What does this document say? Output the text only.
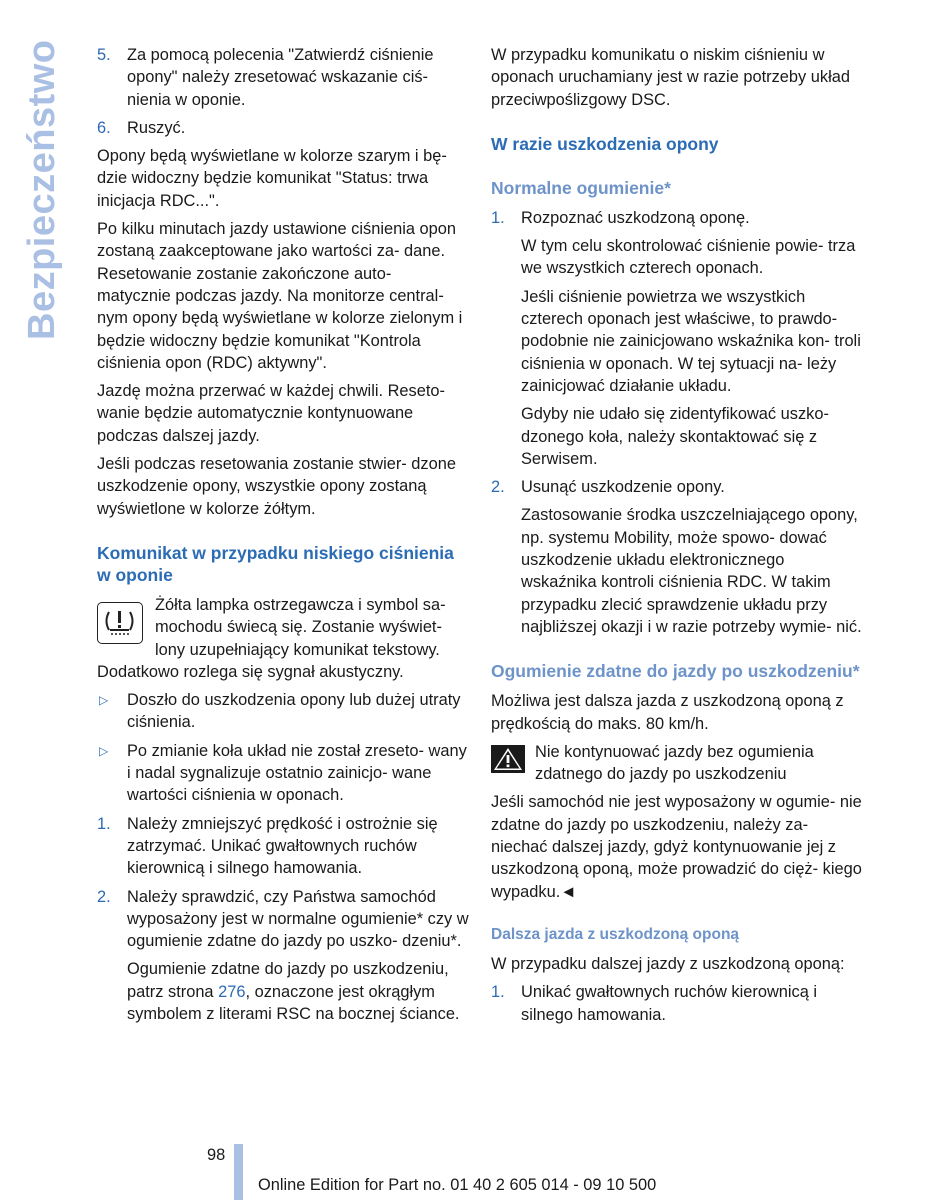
Bezpieczeństwo 5. Za pomocą polecenia "Zatwierdź ciśnienie opony" należy zresetować wskazanie ciś- nienia w oponie.
6. Ruszyć.

Opony będą wyświetlane w kolorze szarym i bę- dzie widoczny będzie komunikat "Status: trwa inicjacja RDC...".

Po kilku minutach jazdy ustawione ciśnienia opon zostaną zaakceptowane jako wartości za- dane. Resetowanie zostanie zakończone auto- matycznie podczas jazdy. Na monitorze central- nym opony będą wyświetlane w kolorze zielonym i będzie widoczny będzie komunikat "Kontrola ciśnienia opon (RDC) aktywny".

Jazdę można przerwać w każdej chwili. Reseto- wanie będzie automatycznie kontynuowane podczas dalszej jazdy.

Jeśli podczas resetowania zostanie stwier- dzone uszkodzenie opony, wszystkie opony zostaną wyświetlone w kolorze żółtym.

Komunikat w przypadku niskiego ciśnienia w oponie
Żółta lampka ostrzegawcza i symbol sa- mochodu świecą się. Zostanie wyświet- lony uzupełniający komunikat tekstowy.

Dodatkowo rozlega się sygnał akustyczny.

▷ Doszło do uszkodzenia opony lub dużej utraty ciśnienia.
▷ Po zmianie koła układ nie został zreseto- wany i nadal sygnalizuje ostatnio zainicjo- wane wartości ciśnienia w oponach.
1. Należy zmniejszyć prędkość i ostrożnie się zatrzymać. Unikać gwałtownych ruchów kierownicą i silnego hamowania.
2. Należy sprawdzić, czy Państwa samochód wyposażony jest w normalne ogumienie* czy w ogumienie zdatne do jazdy po uszko- dzeniu*.
Ogumienie zdatne do jazdy po uszkodzeniu, patrz strona 276, oznaczone jest okrągłym symbolem z literami RSC na bocznej ściance.

W przypadku komunikatu o niskim ciśnieniu w oponach uruchamiany jest w razie potrzeby układ przeciwpoślizgowy DSC.

W razie uszkodzenia opony
Normalne ogumienie*
1. Rozpoznać uszkodzoną oponę.
W tym celu skontrolować ciśnienie powie- trza we wszystkich czterech oponach.
Jeśli ciśnienie powietrza we wszystkich czterech oponach jest właściwe, to prawdo- podobnie nie zainicjowano wskaźnika kon- troli ciśnienia w oponach. W tej sytuacji na- leży zainicjować działanie układu.
Gdyby nie udało się zidentyfikować uszko- dzonego koła, należy skontaktować się z Serwisem.
2. Usunąć uszkodzenie opony.
Zastosowanie środka uszczelniającego opony, np. systemu Mobility, może spowo- dować uszkodzenie układu elektronicznego wskaźnika kontroli ciśnienia RDC. W takim przypadku zlecić sprawdzenie układu przy najbliższej okazji i w razie potrzeby wymie- nić.
Ogumienie zdatne do jazdy po uszkodzeniu*

Możliwa jest dalsza jazda z uszkodzoną oponą z prędkością do maks. 80 km/h.

Nie kontynuować jazdy bez ogumienia zdatnego do jazdy po uszkodzeniu

Jeśli samochód nie jest wyposażony w ogumie- nie zdatne do jazdy po uszkodzeniu, należy za- niechać dalszej jazdy, gdyż kontynuowanie jej z uszkodzoną oponą, może prowadzić do cięż- kiego wypadku.◄

Dalsza jazda z uszkodzoną oponą

W przypadku dalszej jazdy z uszkodzoną oponą:

1. Unikać gwałtownych ruchów kierownicą i silnego hamowania.
98
Online Edition for Part no. 01 40 2 605 014 - 09 10 500
